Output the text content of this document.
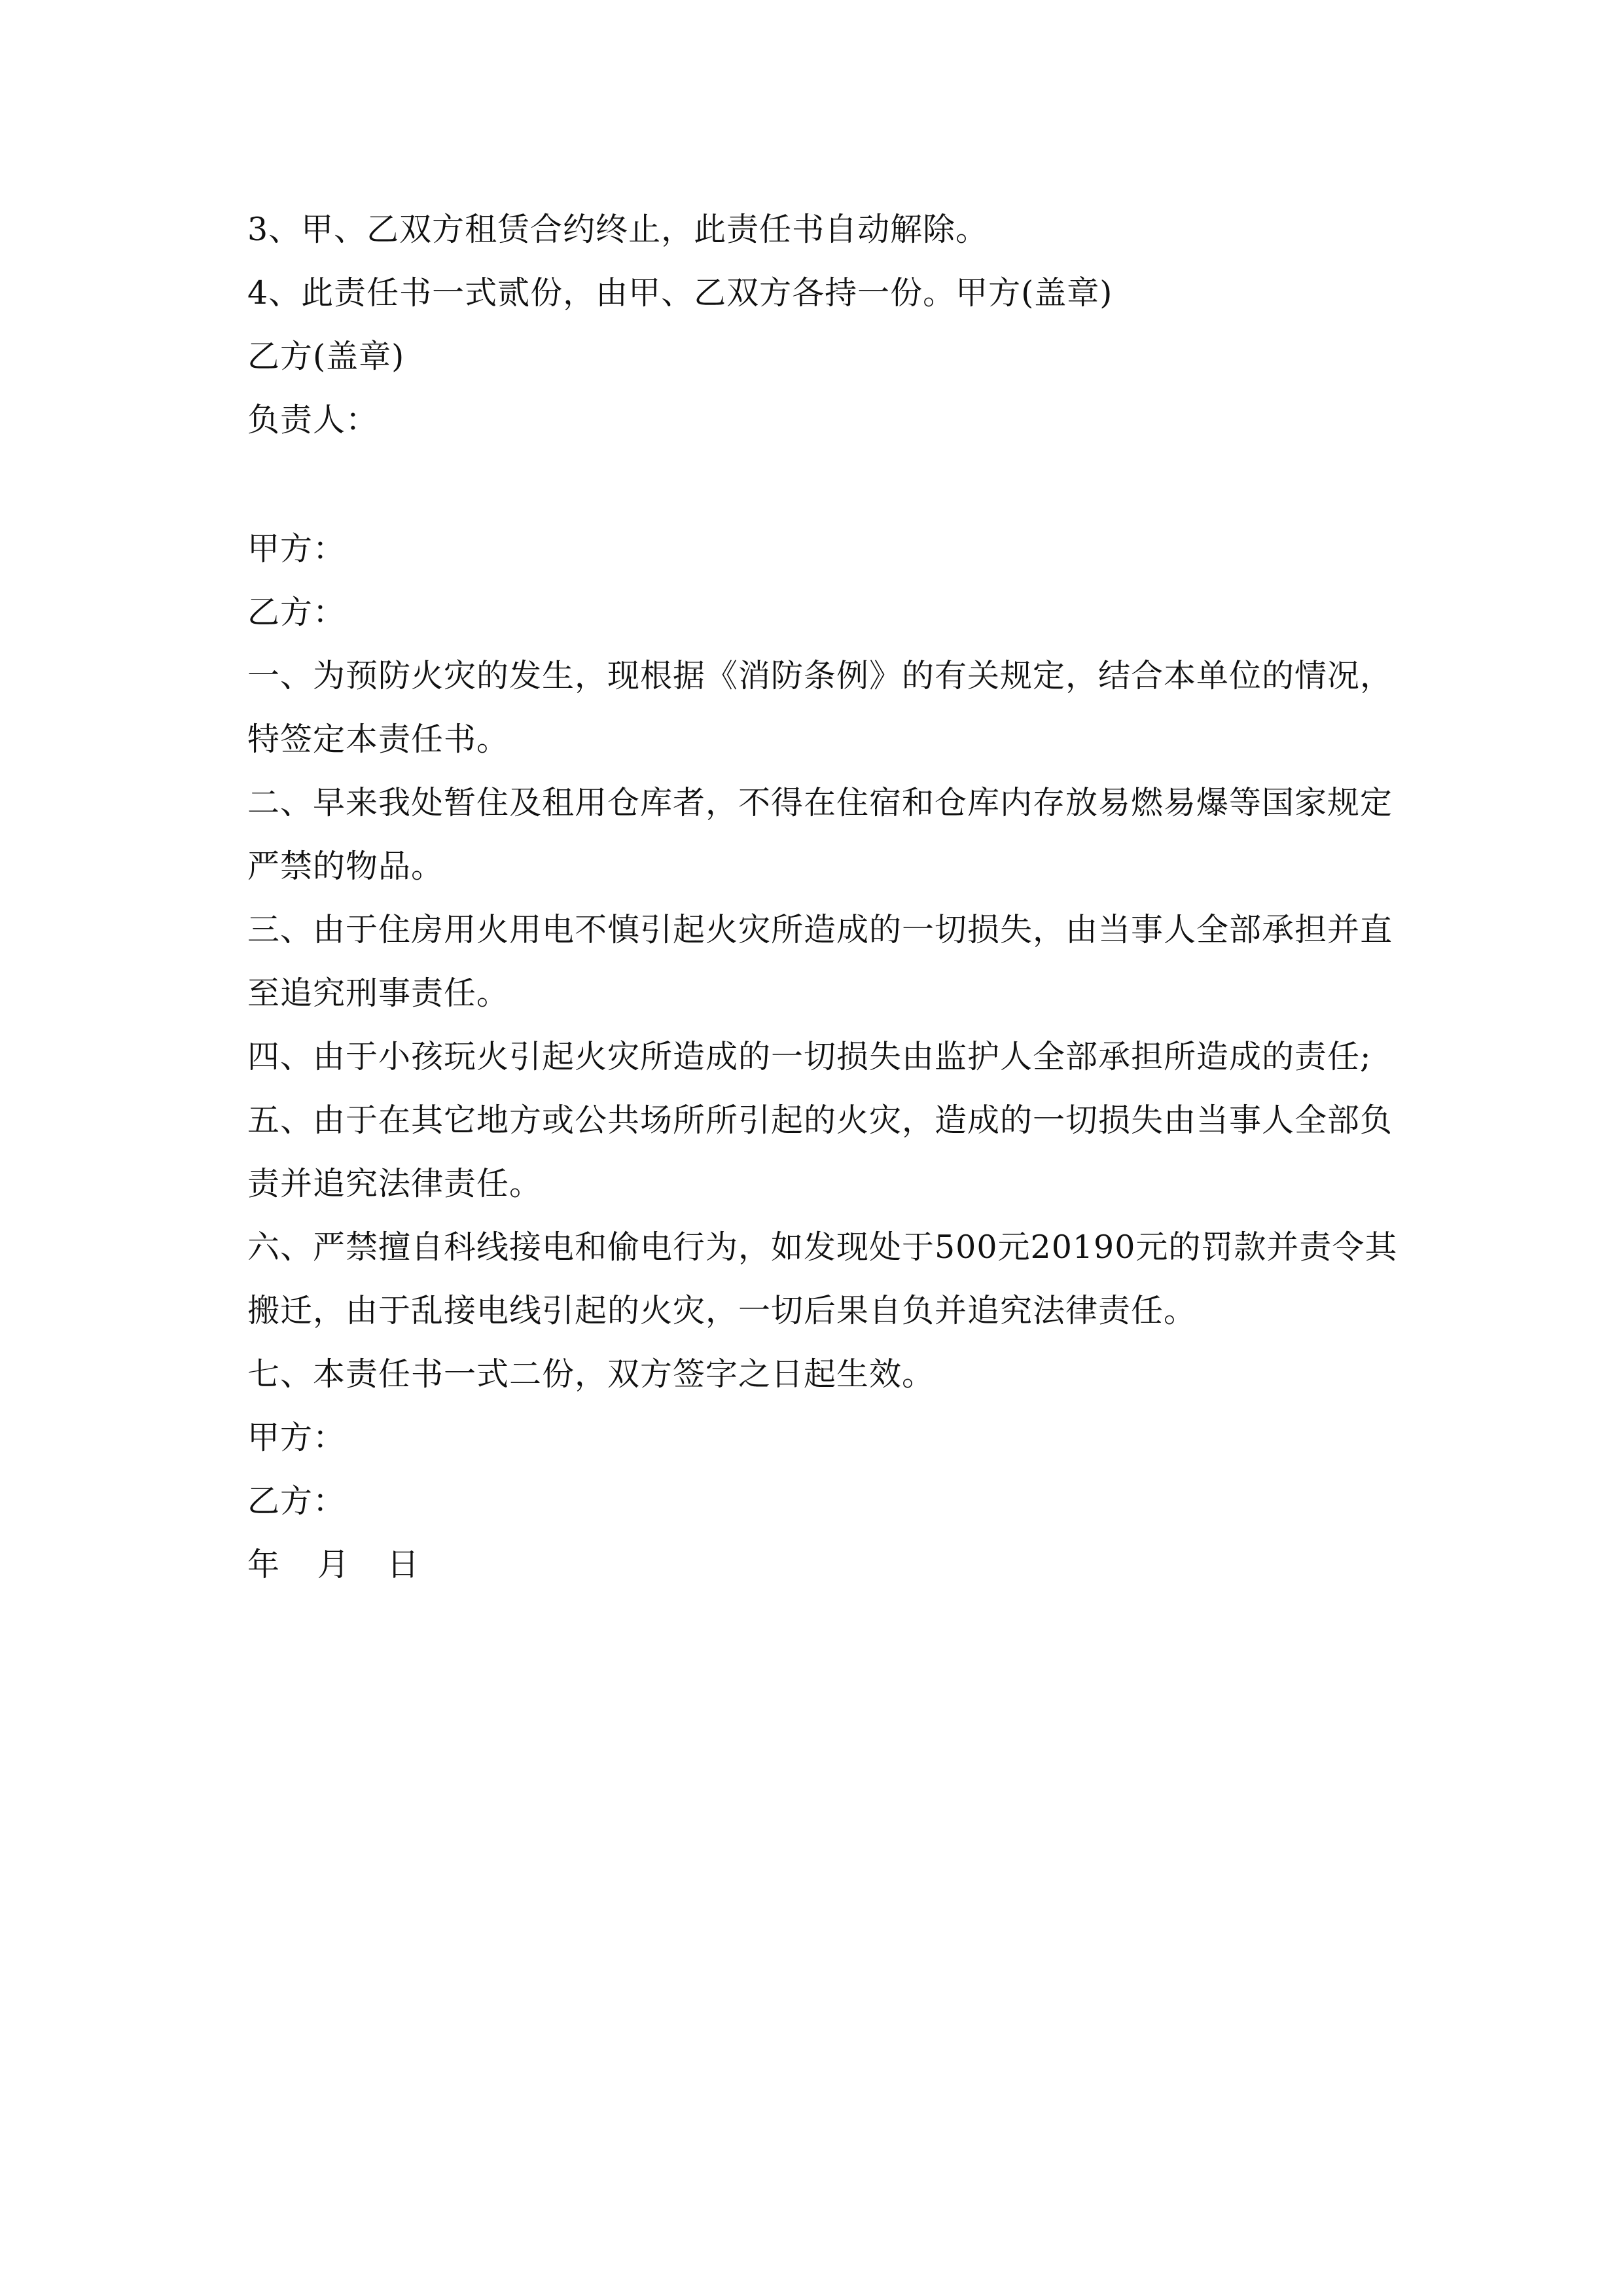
3、甲、乙双方租赁合约终止，此责任书自动解除。
4、此责任书一式贰份，由甲、乙双方各持一份。甲方(盖章)
乙方(盖章)
负责人：
甲方：
乙方：
一、为预防火灾的发生，现根据《消防条例》的有关规定，结合本单位的情况，
特签定本责任书。
二、早来我处暂住及租用仓库者，不得在住宿和仓库内存放易燃易爆等国家规定
严禁的物品。
三、由于住房用火用电不慎引起火灾所造成的一切损失，由当事人全部承担并直
至追究刑事责任。
四、由于小孩玩火引起火灾所造成的一切损失由监护人全部承担所造成的责任;
五、由于在其它地方或公共场所所引起的火灾，造成的一切损失由当事人全部负
责并追究法律责任。
六、严禁擅自科线接电和偷电行为，如发现处于500元20190元的罚款并责令其
搬迁，由于乱接电线引起的火灾，一切后果自负并追究法律责任。
七、本责任书一式二份，双方签字之日起生效。
甲方：
乙方：
年 月 日
